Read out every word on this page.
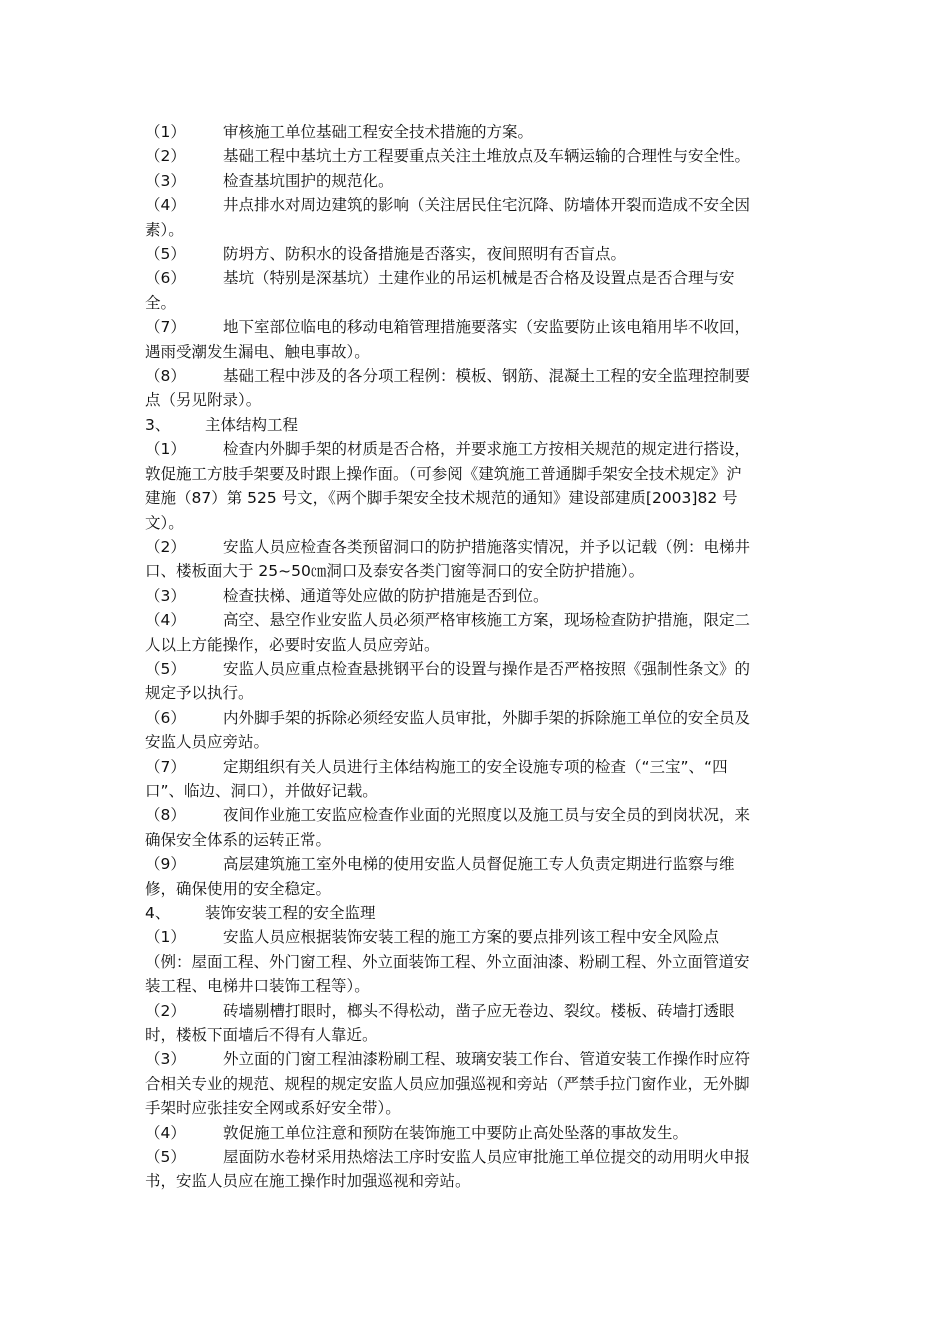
（1）	审核施工单位基础工程安全技术措施的方案。
（2）	基础工程中基坑土方工程要重点关注土堆放点及车辆运输的合理性与安全性。
（3）	检查基坑围护的规范化。
（4）	井点排水对周边建筑的影响（关注居民住宅沉降、防墙体开裂而造成不安全因
素）。
（5）	防坍方、防积水的设备措施是否落实，夜间照明有否盲点。
（6）	基坑（特别是深基坑）土建作业的吊运机械是否合格及设置点是否合理与安
全。
（7）	地下室部位临电的移动电箱管理措施要落实（安监要防止该电箱用毕不收回，
遇雨受潮发生漏电、触电事故）。
（8）	基础工程中涉及的各分项工程例：模板、钢筋、混凝土工程的安全监理控制要
点（另见附录）。
3、	主体结构工程
（1）	检查内外脚手架的材质是否合格，并要求施工方按相关规范的规定进行搭设，
敦促施工方肢手架要及时跟上操作面。（可参阅《建筑施工普通脚手架安全技术规定》沪
建施（87）第 525 号文，《两个脚手架安全技术规范的通知》建设部建质[2003]82 号
文）。
（2）	安监人员应检查各类预留洞口的防护措施落实情况，并予以记载（例：电梯井
口、楼板面大于 25~50㎝洞口及泰安各类门窗等洞口的安全防护措施）。
（3）	检查扶梯、通道等处应做的防护措施是否到位。
（4）	高空、悬空作业安监人员必须严格审核施工方案，现场检查防护措施，限定二
人以上方能操作，必要时安监人员应旁站。
（5）	安监人员应重点检查悬挑钢平台的设置与操作是否严格按照《强制性条文》的
规定予以执行。
（6）	内外脚手架的拆除必须经安监人员审批，外脚手架的拆除施工单位的安全员及
安监人员应旁站。
（7）	定期组织有关人员进行主体结构施工的安全设施专项的检查（“三宝”、“四
口”、临边、洞口），并做好记载。
（8）	夜间作业施工安监应检查作业面的光照度以及施工员与安全员的到岗状况，来
确保安全体系的运转正常。
（9）	高层建筑施工室外电梯的使用安监人员督促施工专人负责定期进行监察与维
修，确保使用的安全稳定。
4、	装饰安装工程的安全监理
（1）	安监人员应根据装饰安装工程的施工方案的要点排列该工程中安全风险点
（例：屋面工程、外门窗工程、外立面装饰工程、外立面油漆、粉刷工程、外立面管道安
装工程、电梯井口装饰工程等）。
（2）	砖墙剔槽打眼时，榔头不得松动，凿子应无卷边、裂纹。楼板、砖墙打透眼
时，楼板下面墙后不得有人靠近。
（3）	外立面的门窗工程油漆粉刷工程、玻璃安装工作台、管道安装工作操作时应符
合相关专业的规范、规程的规定安监人员应加强巡视和旁站（严禁手拉门窗作业，无外脚
手架时应张挂安全网或系好安全带）。
（4）	敦促施工单位注意和预防在装饰施工中要防止高处坠落的事故发生。
（5）	屋面防水卷材采用热熔法工序时安监人员应审批施工单位提交的动用明火申报
书，安监人员应在施工操作时加强巡视和旁站。
